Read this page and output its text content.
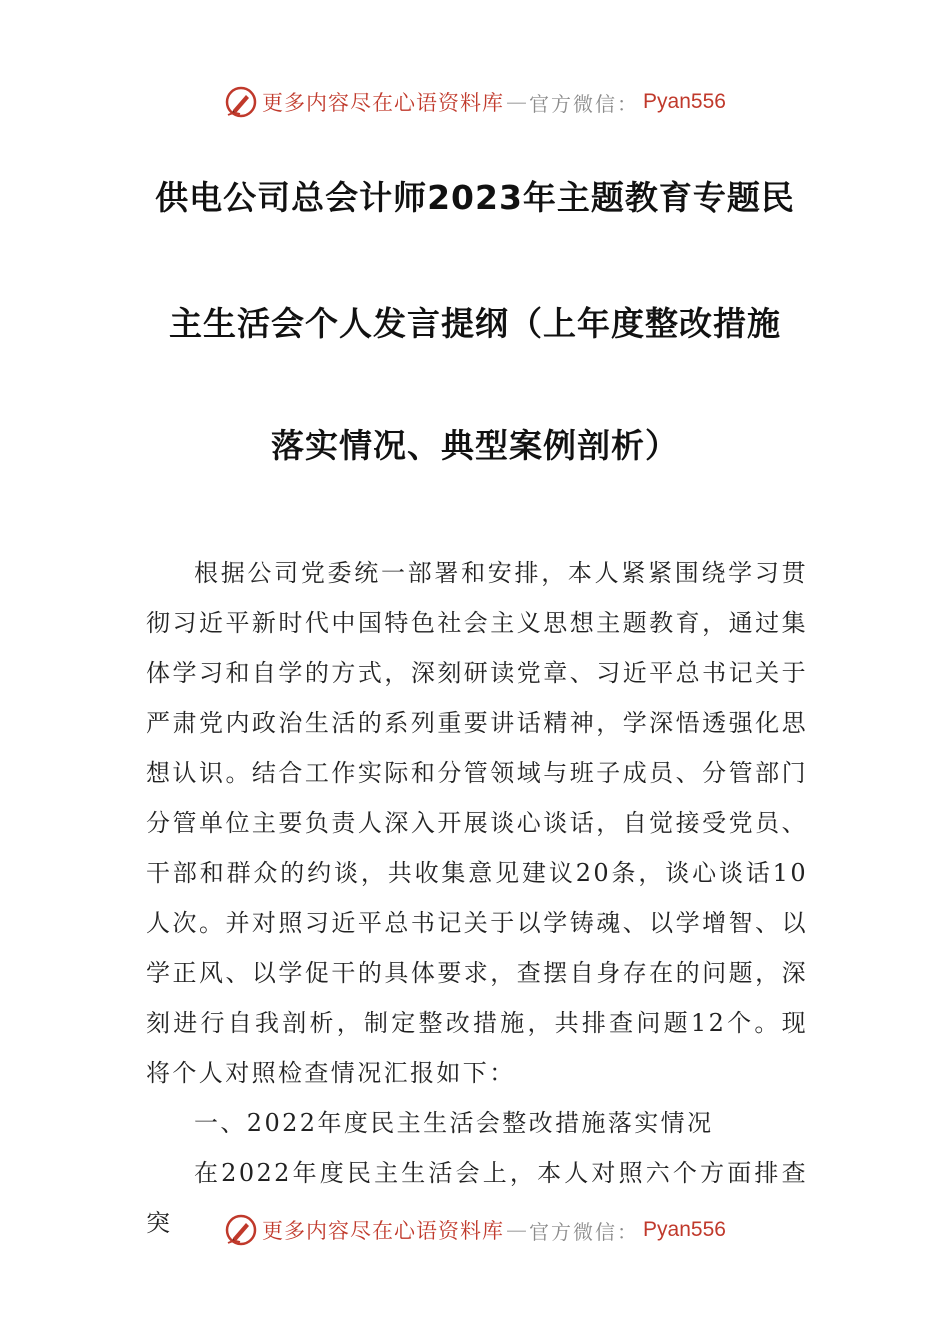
更多内容尽在心语资料库 — 官方微信： Pyan556
供电公司总会计师2023年主题教育专题民
主生活会个人发言提纲（上年度整改措施
落实情况、典型案例剖析）

根据公司党委统一部署和安排，本人紧紧围绕学习贯彻习近平新时代中国特色社会主义思想主题教育，通过集体学习和自学的方式，深刻研读党章、习近平总书记关于严肃党内政治生活的系列重要讲话精神，学深悟透强化思想认识。结合工作实际和分管领域与班子成员、分管部门分管单位主要负责人深入开展谈心谈话，自觉接受党员、干部和群众的约谈，共收集意见建议20条，谈心谈话10人次。并对照习近平总书记关于以学铸魂、以学增智、以学正风、以学促干的具体要求，查摆自身存在的问题，深刻进行自我剖析，制定整改措施，共排查问题12个。现将个人对照检查情况汇报如下：

一、2022年度民主生活会整改措施落实情况

在2022年度民主生活会上，本人对照六个方面排查突	更多内容尽在心语资料库 — 官方微信： Pyan556
